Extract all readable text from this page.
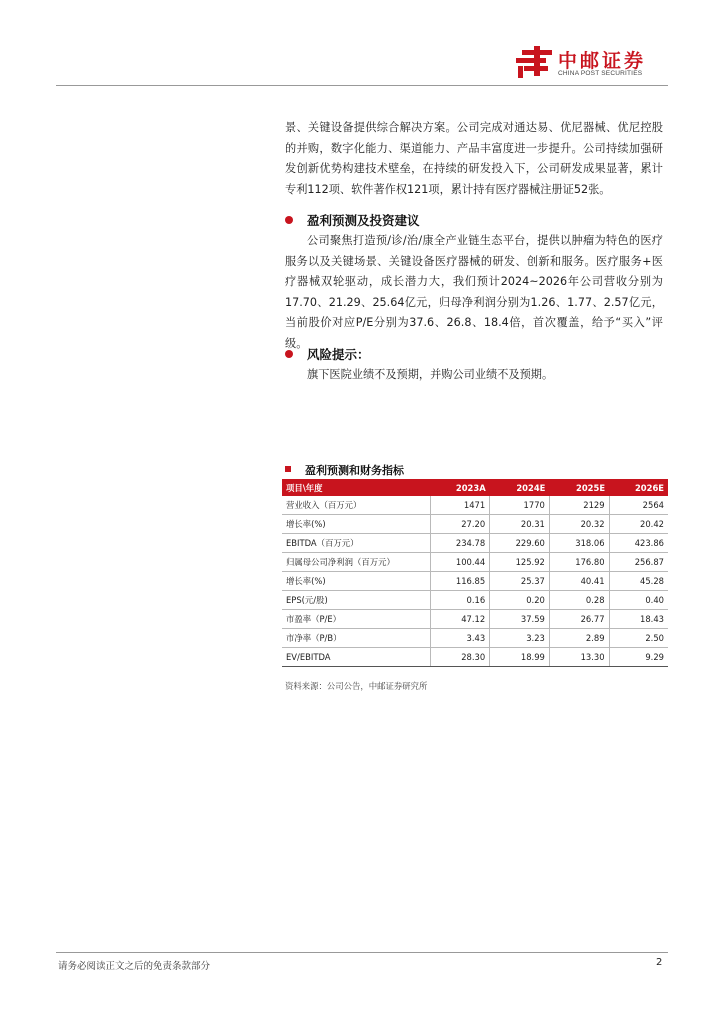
中邮证券
CHINA POST SECURITIES

景、关键设备提供综合解决方案。公司完成对通达易、优尼器械、优尼控股的并购，数字化能力、渠道能力、产品丰富度进一步提升。公司持续加强研发创新优势构建技术壁垒，在持续的研发投入下，公司研发成果显著，累计专利112项、软件著作权121项，累计持有医疗器械注册证52张。

盈利预测及投资建议

公司聚焦打造预/诊/治/康全产业链生态平台，提供以肿瘤为特色的医疗服务以及关键场景、关键设备医疗器械的研发、创新和服务。医疗服务+医疗器械双轮驱动，成长潜力大，我们预计2024~2026年公司营收分别为17.70、21.29、25.64亿元，归母净利润分别为1.26、1.77、2.57亿元，当前股价对应P/E分别为37.6、26.8、18.4倍，首次覆盖，给予“买入”评级。

风险提示：

旗下医院业绩不及预期，并购公司业绩不及预期。

盈利预测和财务指标
项目\年度	2023A	2024E	2025E	2026E
营业收入（百万元）	1471	1770	2129	2564
增长率(%)	27.20	20.31	20.32	20.42
EBITDA（百万元）	234.78	229.60	318.06	423.86
归属母公司净利润（百万元）	100.44	125.92	176.80	256.87
增长率(%)	116.85	25.37	40.41	45.28
EPS(元/股)	0.16	0.20	0.28	0.40
市盈率（P/E）	47.12	37.59	26.77	18.43
市净率（P/B）	3.43	3.23	2.89	2.50
EV/EBITDA	28.30	18.99	13.30	9.29
资料来源：公司公告，中邮证券研究所
请务必阅读正文之后的免责条款部分	2
